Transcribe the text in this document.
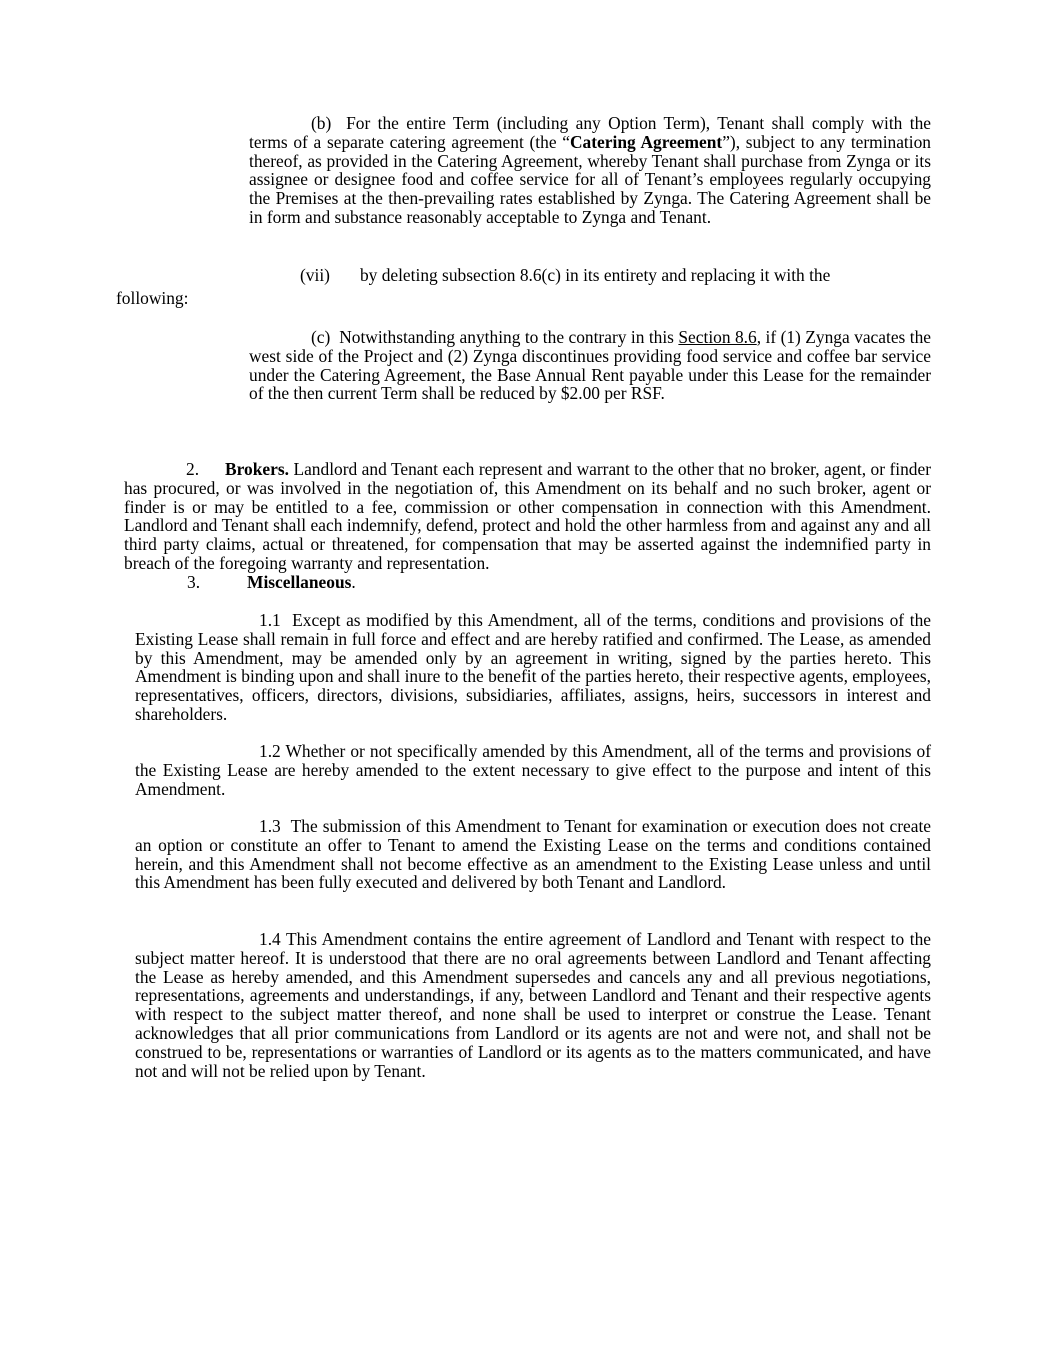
(b) For the entire Term (including any Option Term), Tenant shall comply with the terms of a separate catering agreement (the “Catering Agreement”), subject to any termination thereof, as provided in the Catering Agreement, whereby Tenant shall purchase from Zynga or its assignee or designee food and coffee service for all of Tenant’s employees regularly occupying the Premises at the then-prevailing rates established by Zynga. The Catering Agreement shall be in form and substance reasonably acceptable to Zynga and Tenant.

(vii) by deleting subsection 8.6(c) in its entirety and replacing it with the

following:

(c) Notwithstanding anything to the contrary in this Section 8.6, if (1) Zynga vacates the west side of the Project and (2) Zynga discontinues providing food service and coffee bar service under the Catering Agreement, the Base Annual Rent payable under this Lease for the remainder of the then current Term shall be reduced by $2.00 per RSF.

2. Brokers. Landlord and Tenant each represent and warrant to the other that no broker, agent, or finder has procured, or was involved in the negotiation of, this Amendment on its behalf and no such broker, agent or finder is or may be entitled to a fee, commission or other compensation in connection with this Amendment. Landlord and Tenant shall each indemnify, defend, protect and hold the other harmless from and against any and all third party claims, actual or threatened, for compensation that may be asserted against the indemnified party in breach of the foregoing warranty and representation.

3.	Miscellaneous.

1.1 Except as modified by this Amendment, all of the terms, conditions and provisions of the Existing Lease shall remain in full force and effect and are hereby ratified and confirmed. The Lease, as amended by this Amendment, may be amended only by an agreement in writing, signed by the parties hereto. This Amendment is binding upon and shall inure to the benefit of the parties hereto, their respective agents, employees, representatives, officers, directors, divisions, subsidiaries, affiliates, assigns, heirs, successors in interest and shareholders.

1.2 Whether or not specifically amended by this Amendment, all of the terms and provisions of the Existing Lease are hereby amended to the extent necessary to give effect to the purpose and intent of this Amendment.

1.3 The submission of this Amendment to Tenant for examination or execution does not create an option or constitute an offer to Tenant to amend the Existing Lease on the terms and conditions contained herein, and this Amendment shall not become effective as an amendment to the Existing Lease unless and until this Amendment has been fully executed and delivered by both Tenant and Landlord.

1.4 This Amendment contains the entire agreement of Landlord and Tenant with respect to the subject matter hereof. It is understood that there are no oral agreements between Landlord and Tenant affecting the Lease as hereby amended, and this Amendment supersedes and cancels any and all previous negotiations, representations, agreements and understandings, if any, between Landlord and Tenant and their respective agents with respect to the subject matter thereof, and none shall be used to interpret or construe the Lease. Tenant acknowledges that all prior communications from Landlord or its agents are not and were not, and shall not be construed to be, representations or warranties of Landlord or its agents as to the matters communicated, and have not and will not be relied upon by Tenant.
